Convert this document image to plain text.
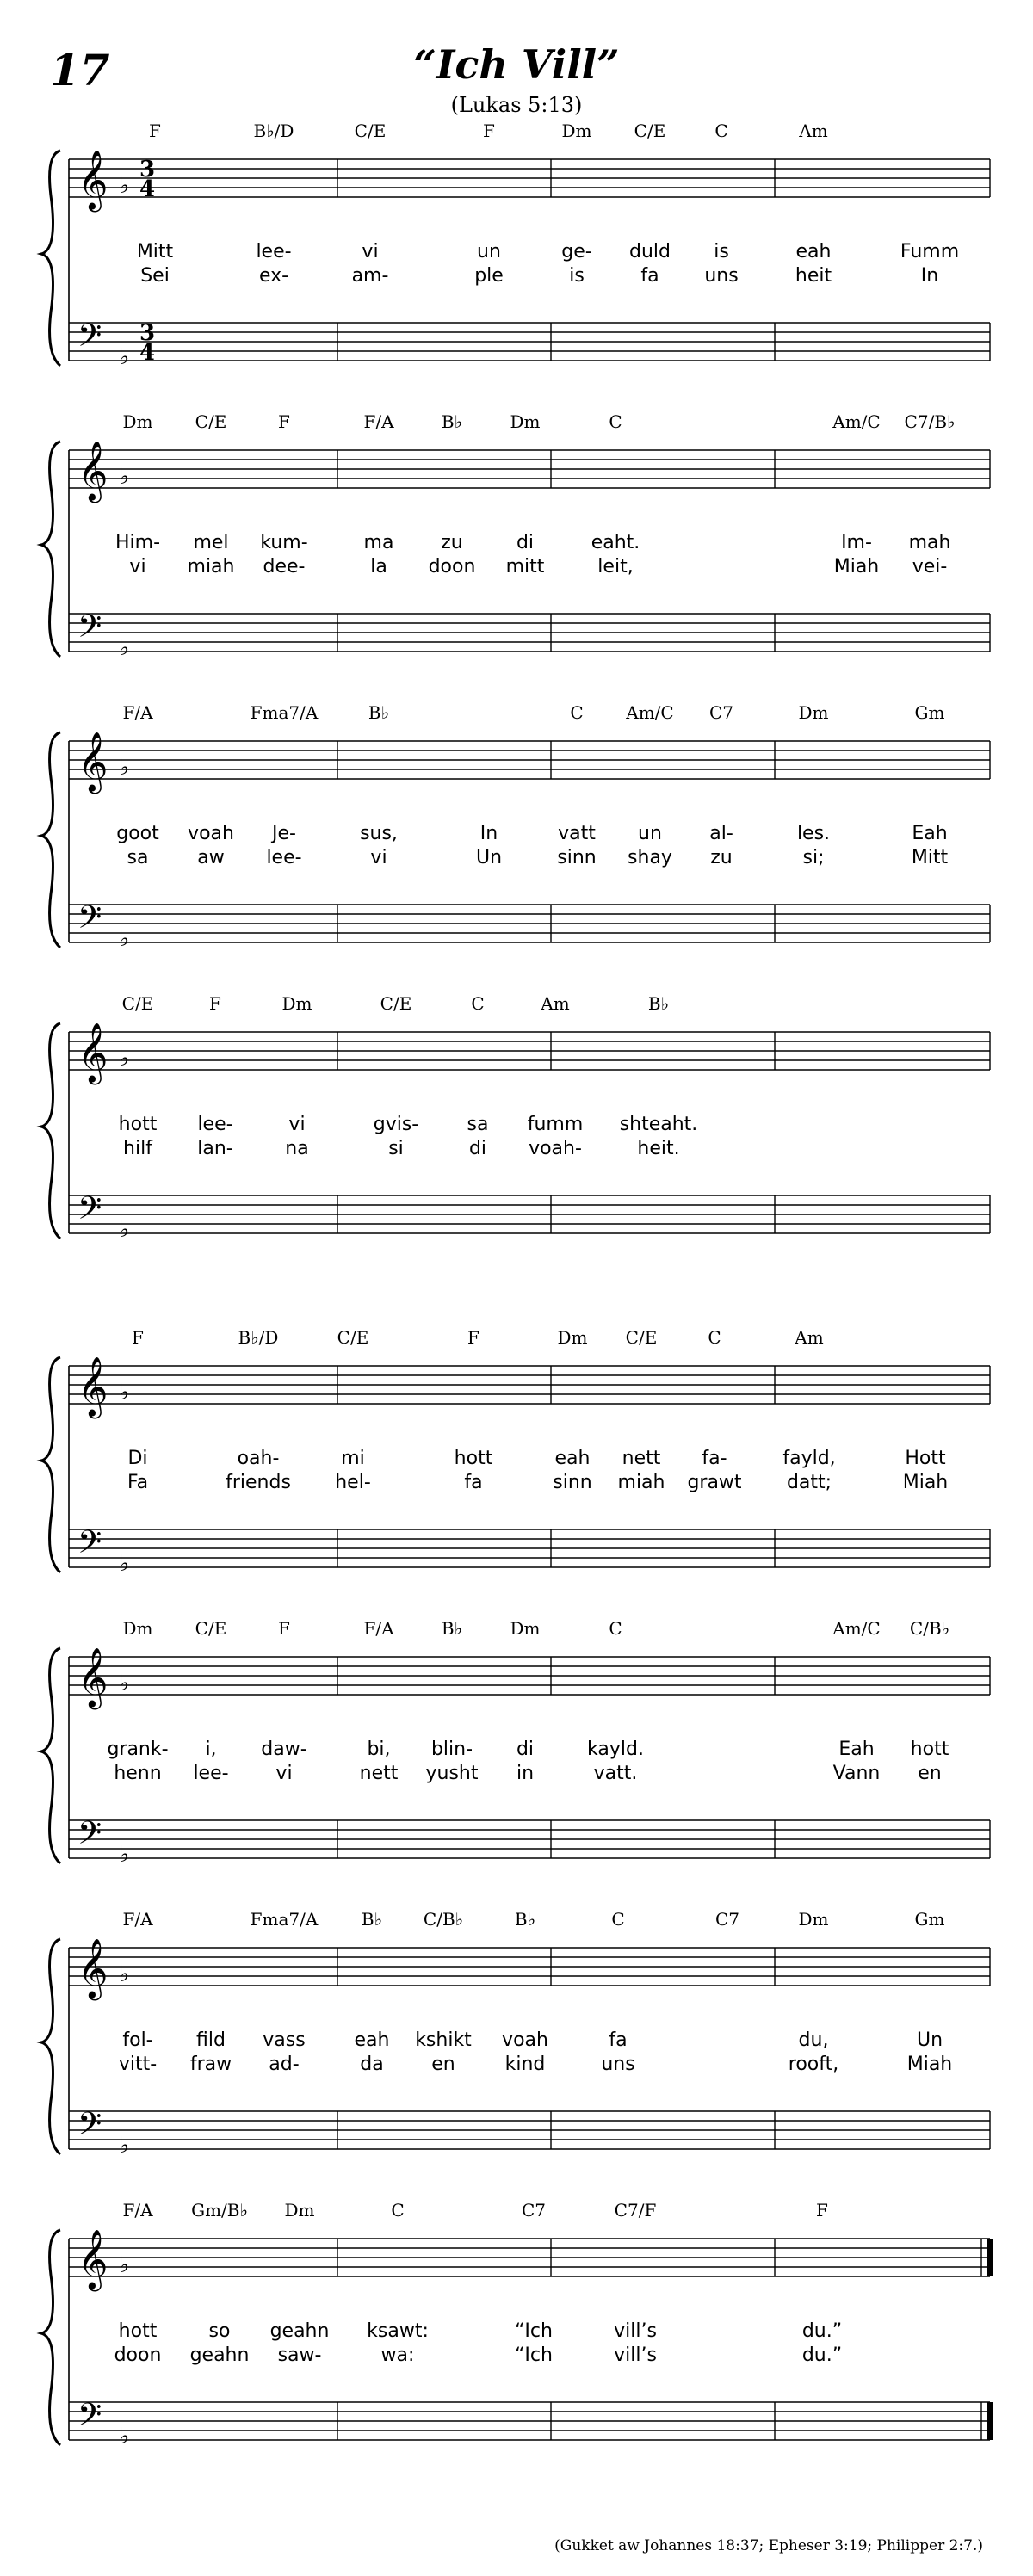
17	“Ich Vill”
(Lukas 5:13)
𝄞
𝄢
♭
♭
3
4
3
4
F	B♭/D	C/E	F	Dm C/E	C	Am
Mitt	lee-	vi	un	ge- duld is	eah	Fumm
Sei	ex-	am-	ple	is	fa uns	heit	In
𝄞
𝄢
♭
♭
Dm C/E	F	F/A	B♭	Dm	C	Am/C C7/B♭
Him- mel kum-	ma zu	di	eaht.	Im- mah
vi miah dee-	la doon mitt	leit,	Miah vei-
𝄞
𝄢
♭
♭
F/A	Fma7/A	B♭	C Am/C C7	Dm	Gm
goot voah Je-	sus,	In	vatt un	al-	les.	Eah
sa	aw lee-	vi	Un	sinn shay zu	si;	Mitt
𝄞
𝄢
♭
♭
C/E	F	Dm	C/E	C	Am	B♭
hott lee-	vi	gvis-	sa fumm shteaht.
hilf lan-	na	si	di voah-	heit.
𝄞
𝄢
♭
♭
F	B♭/D	C/E	F	Dm C/E	C	Am
Di	oah-	mi	hott	eah nett fa-	fayld,	Hott
Fa	friends hel-	fa	sinn miah grawt datt;	Miah
𝄞
𝄢
♭
♭
Dm C/E	F	F/A	B♭	Dm	C	Am/C C/B♭
grank- i, daw-	bi, blin- di	kayld.	Eah hott
henn lee- vi	nett yusht in	vatt.	Vann en
𝄞
𝄢
♭
♭
F/A	Fma7/A	B♭ C/B♭	B♭	C	C7	Dm	Gm
fol- fild vass	eah kshikt voah	fa	du,	Un
vitt- fraw ad-	da	en	kind	uns	rooft,	Miah
𝄞
𝄢
♭
♭
F/A Gm/B♭ Dm	C	C7	C7/F	F
hott	so geahn ksawt:	“Ich	vill’s	du.”
doon geahn saw-	wa:	“Ich	vill’s	du.”
(Gukket aw Johannes 18:37; Epheser 3:19; Philipper 2:7.)
